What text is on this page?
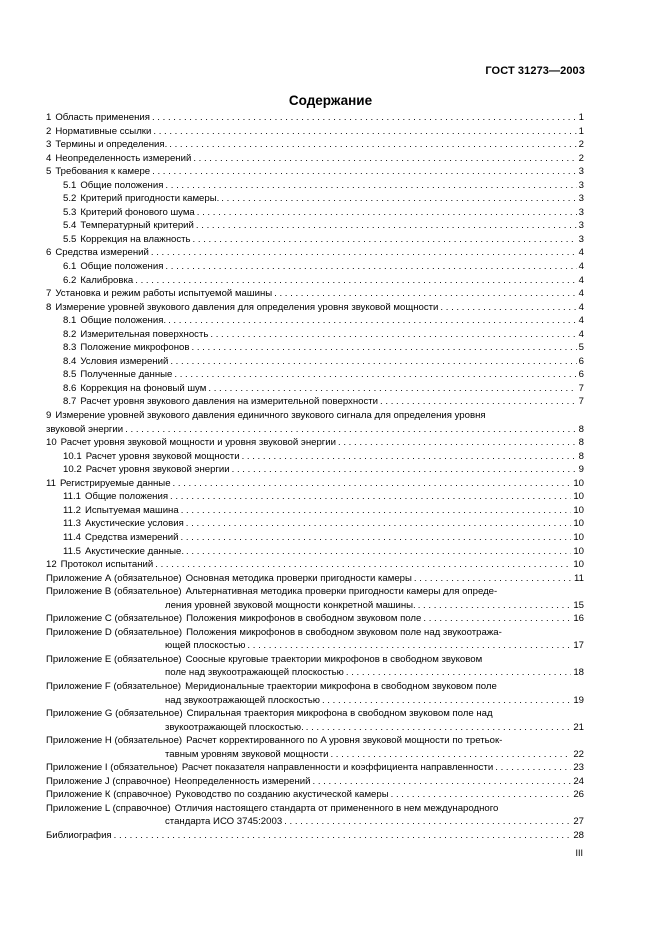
ГОСТ 31273—2003
Содержание
1 Область применения . . .	1
2 Нормативные ссылки . . .	1
3 Термины и определения. . . .	2
4 Неопределенность измерений . . .	2
5 Требования к камере . . .	3
5.1 Общие положения . . .	3
5.2 Критерий пригодности камеры. . . .	3
5.3 Критерий фонового шума . . .	3
5.4 Температурный критерий . . .	3
5.5 Коррекция на влажность . . .	3
6 Средства измерений . . .	4
6.1 Общие положения . . .	4
6.2 Калибровка . . .	4
7 Установка и режим работы испытуемой машины . . .	4
8 Измерение уровней звукового давления для определения уровня звуковой мощности . . .	4
8.1 Общие положения. . . .	4
8.2 Измерительная поверхность . . .	4
8.3 Положение микрофонов . . .	5
8.4 Условия измерений . . .	6
8.5 Полученные данные . . .	6
8.6 Коррекция на фоновый шум . . .	7
8.7 Расчет уровня звукового давления на измерительной поверхности . . .	7
9 Измерение уровней звукового давления единичного звукового сигнала для определения уровня
звуковой энергии . . .	8
10 Расчет уровня звуковой мощности и уровня звуковой энергии . . .	8
10.1 Расчет уровня звуковой мощности . . .	8
10.2 Расчет уровня звуковой энергии . . .	9
11 Регистрируемые данные . . .	10
11.1 Общие положения . . .	10
11.2 Испытуемая машина . . .	10
11.3 Акустические условия . . .	10
11.4 Средства измерений . . .	10
11.5 Акустические данные. . . .	10
12 Протокол испытаний . . .	10
Приложение А (обязательное) Основная методика проверки пригодности камеры . . .	11
Приложение В (обязательное) Альтернативная методика проверки пригодности камеры для опреде-
ления уровней звуковой мощности конкретной машины. . . .	15
Приложение С (обязательное) Положения микрофонов в свободном звуковом поле . . .	16
Приложение D (обязательное) Положения микрофонов в свободном звуковом поле над звукоотража-
ющей плоскостью . . .	17
Приложение Е (обязательное) Соосные круговые траектории микрофонов в свободном звуковом
поле над звукоотражающей плоскостью . . .	18
Приложение F (обязательное) Меридиональные траектории микрофона в свободном звуковом поле
над звукоотражающей плоскостью . . .	19
Приложение G (обязательное) Спиральная траектория микрофона в свободном звуковом поле над
звукоотражающей плоскостью. . . .	21
Приложение Н (обязательное) Расчет корректированного по A уровня звуковой мощности по третьок-
тавным уровням звуковой мощности . . .	22
Приложение I (обязательное) Расчет показателя направленности и коэффициента направленности . . .	23
Приложение J (справочное) Неопределенность измерений . . .	24
Приложение К (справочное) Руководство по созданию акустической камеры . . .	26
Приложение L (справочное) Отличия настоящего стандарта от примененного в нем международного
стандарта ИСО 3745:2003 . . .	27
Библиография . . .	28
III
